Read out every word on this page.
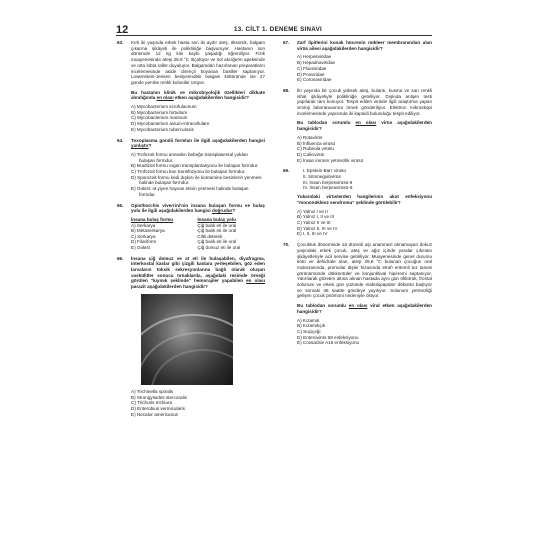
12	13. CİLT 1. DENEME SINAVI
63. Kırk iki yaşında erkek hasta son iki aydır ateş, öksürük, balgam çıkarma şikâyeti ile polikliniğe başvuruyor. Hastanın son dönemde 12 kg kilo kaybı yaşadığı öğreniliyor. Fizik muayenesinde ateşi 38,9 °C ölçülüyor ve sol akciğerin apeksinde ve orta lobta raller duyuluyor. Balgamdan hazırlanan preparatların incelemesinde aside dirençli boyanan basiller saptanıyor. Lowenstein-Jensen besiyerindeki balgam kültüründe ise 27 günde pembe renkli koloniler ürüyor.
Bu hastanın klinik ve mikrobiyolojik özellikleri dikkate alındığında en olası etken aşağıdakilerden hangisidir?
A) Mycobacterium scrofulaceum
B) Mycobacterium fortuitum
C) Mycobacterium marinum
D) Mycobacterium avium-intracellulare
E) Mycobacterium tuberculosis
64. Toxoplasma gondii formları ile ilgili aşağıdakilerden hangisi yanlıştır?
A) Trofozoit formu anneden bebeğe transplasental yoldan bulaşan formdur.
B) Bradizoit formu organ transplantasyonu ile bulaşan formdur.
C) Trofozoit formu kan transfüzyonu ile bulaşan formdur.
D) Sporozoit formu kedi dışkısı ile kontamine besinlerin yenmesi halinde bulaşan formdur.
E) Ookist; ot yiyen hayvan etinin yenmesi halinde bulaşan formdur.
65. Opisthorchis viverrini'nin insana bulaşan formu ve bulaş yolu ile ilgili aşağıdakilerden hangisi doğrudur?
İnsana bulaş formu	İnsana bulaş yolu
A) Serkarya	Çiğ balık eti ile oral
B) Metaserkarya	Çiğ balık eti ile oral
C) Serkarya	Ciltli delerek
D) Filariform	Çiğ balık eti ile oral
E) Ookist	Çiğ domuz eti ile oral
66. İnsana çiğ domuz ve at eti ile bulaşabilen, diyafragma, interkostal kaslar gibi çizgili kaslara yerleşebilen, göz eden larvaların toksik sekresyonlarına bağlı olarak oluşan vaskülitler sonucu tırnaklarda, aşağıdaki resimde örneği görülen "kıymık şeklinde" hemorajiler yapabilen en olası parazit aşağıdakilerden hangisidir?
A) Trichinella spiralis
B) Strongyloides stercoralis
C) Trichuris trichiura
D) Enterobius vermicularis
E) Necator americanus
67. Zarf lipitlerini konak hücrenin nükleer membranından alan virüs ailesi aşağıdakilerden hangisidir?
A) Herpesviridae
B) Hepadnaviridae
C) Flaviviridae
D) Poxviridae
E) Coronaviridae
68. İki yaşında bir çocuk yüksek ateş, bulantı, kusma ve sarı renkli ishal şikâyetiyle polikliniğe getiriliyor. Dışkıda antijen testi yapılarak tanı konuyor. Tespit edilen virüsle ilgili araştırma yapan viroloji laboratuvarına örnek gönderiliyor. Elektron mikroskopi incelemesinde yapısında iki kapsidi bulunduğu tespit ediliyor.
Bu tablodan sorumlu en olası virüs aşağıdakilerden hangisidir?
A) Rotavirüs
B) İnfluenza virüsü
C) Rubeola virüsü
D) Calicivirüs
E) İnsan immün yetmezlik virüsü
69.	I. Epstein-Barr virüsü
II. Sitomegalovirüs
III. İnsan herpesvirüsü-6
IV. İnsan herpesvirüsü-8
Yukarıdaki virüslerden hangilerinin akut enfeksiyonu "mononükleoz sendromu" şeklinde görülebilir?
A) Yalnız I ve II
B) Yalnız I, II ve III
C) Yalnız II ve III
D) Yalnız II, III ve IV
E) I, II, III ve IV
70. Çocukluk döneminde ait düzenli aşı anamnezi alınamayan dokuz yaşındaki erkek çocuk, ateş ve ağız içinde yaralar çıkması şikâyetleriyle acil servise getiriliyor. Muayenesinde genel durumu kötü ve dehidrate olan, ateşi 39,8 °C bulunan çocuğun oral mukozasında, premolar dişler hizasında etrafı eritemli tuz tanesi görünümünde dökküntüler ve konjunktival hiperemi saptanıyor. Yatırılarak gözetim altına alınan hastada aynı gün ökkürük, frontal solunum ve ertesi gün yüzünde makülopapüler döküntü başlıyor ve sonraki 48 saatte gövdeye yayılıyor. Solunum yetmezliği gelişen çocuk pnömoni nedeniyle ölüyor.
Bu tablodan sorumlu en olası viral etken aşağıdakilerden hangisidir?
A) Kızamık
B) Kızamıkçık
C) Suçiçeği
D) Enterovirüs 68 enfeksiyonu
E) Coxsackie A16 enfeksiyonu
